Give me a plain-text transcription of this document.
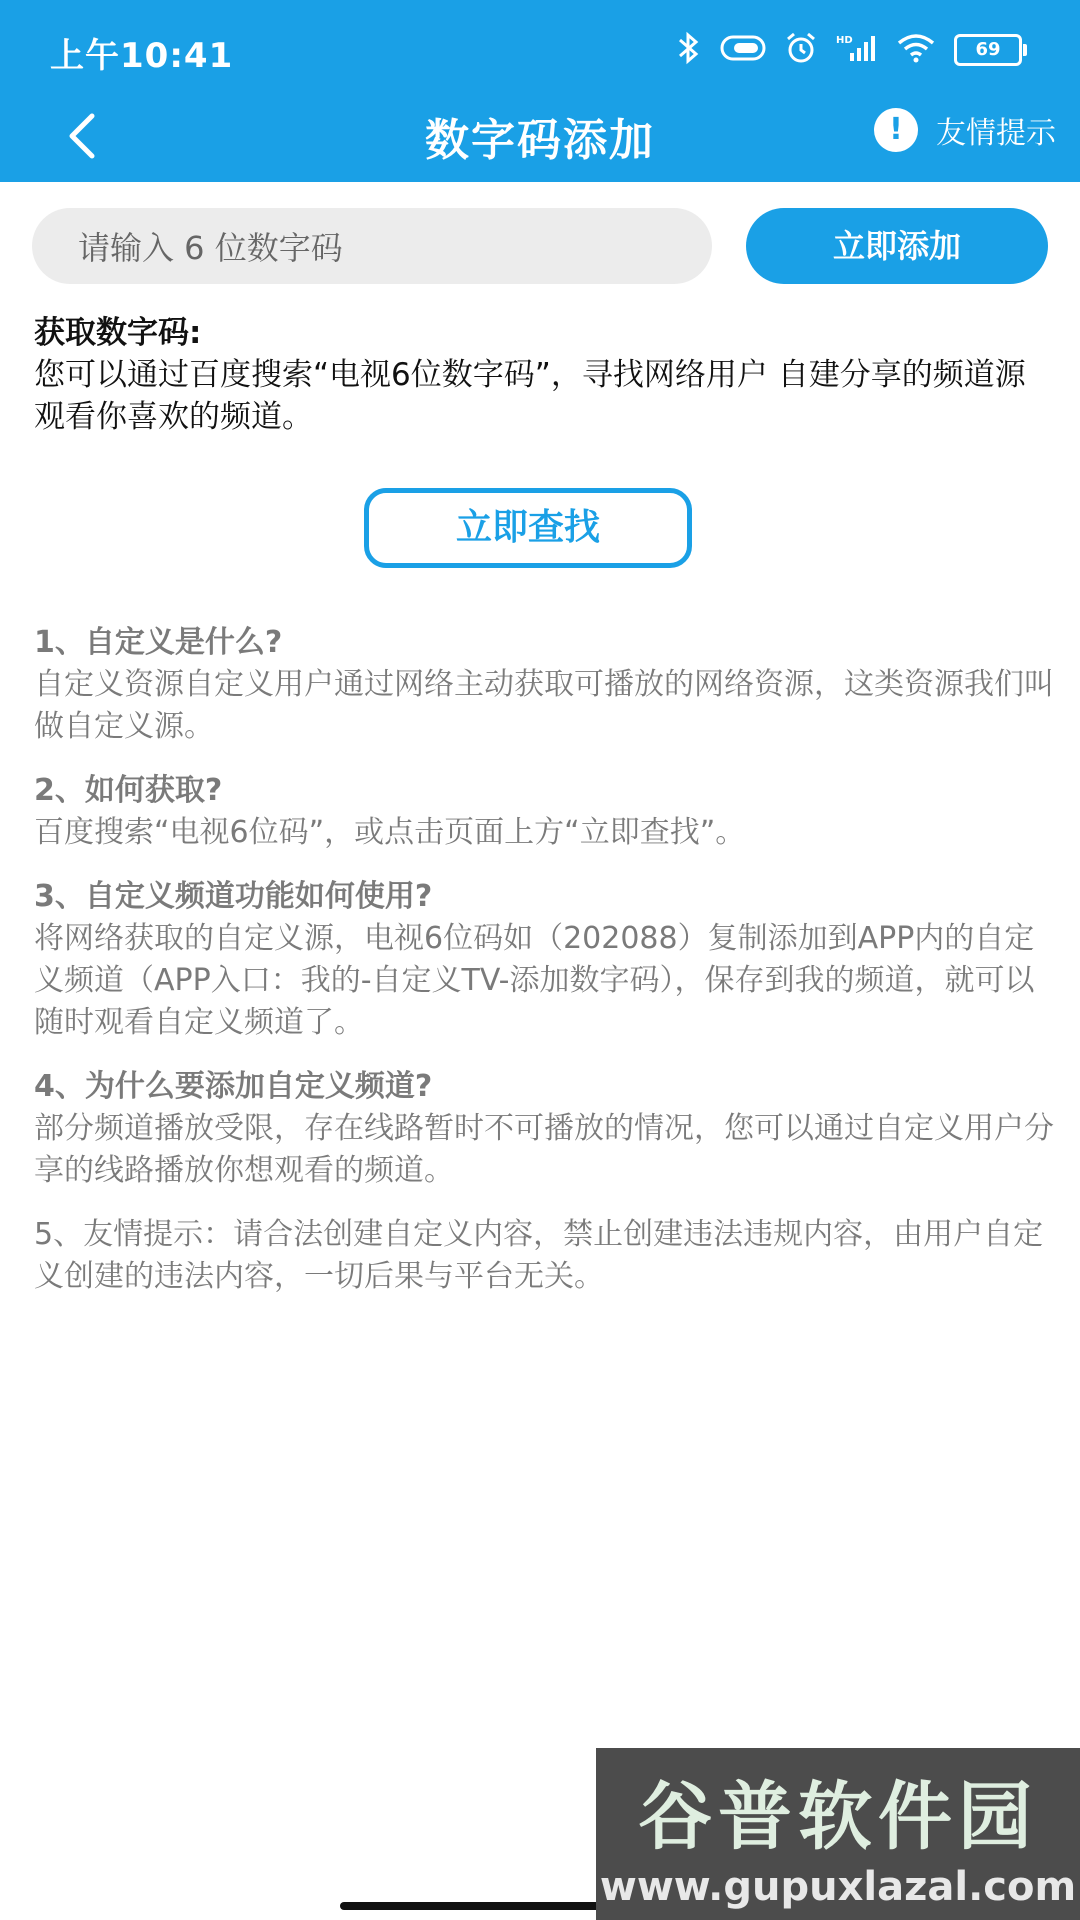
上午10:41	HD	69
数字码添加	!	友情提示
请输入 6 位数字码	立即添加
获取数字码:
您可以通过百度搜索“电视6位数字码”，寻找网络用户 自建分享的频道源观看你喜欢的频道。
立即查找
1、自定义是什么?
自定义资源自定义用户通过网络主动获取可播放的网络资源，这类资源我们叫做自定义源。
2、如何获取?
百度搜索“电视6位码”，或点击页面上方“立即查找”。
3、自定义频道功能如何使用?
将网络获取的自定义源，电视6位码如（202088）复制添加到APP内的自定义频道（APP入口：我的-自定义TV-添加数字码），保存到我的频道，就可以随时观看自定义频道了。
4、为什么要添加自定义频道?
部分频道播放受限，存在线路暂时不可播放的情况，您可以通过自定义用户分享的线路播放你想观看的频道。
5、友情提示：请合法创建自定义内容，禁止创建违法违规内容，由用户自定义创建的违法内容，一切后果与平台无关。
谷普软件园
www.gupuxlazal.com
